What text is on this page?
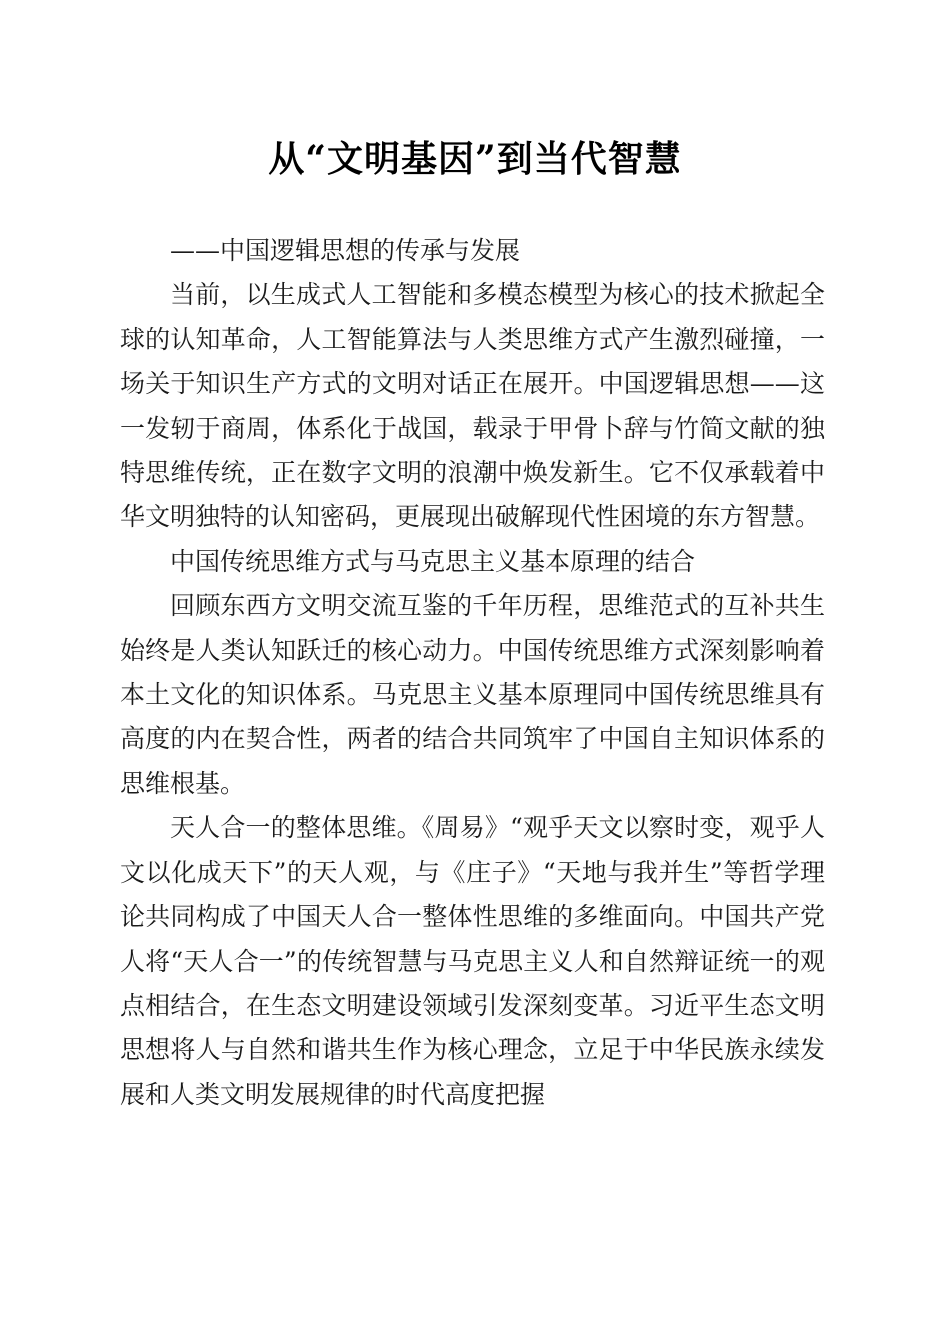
从“文明基因”到当代智慧

——中国逻辑思想的传承与发展

当前，以生成式人工智能和多模态模型为核心的技术掀起全球的认知革命，人工智能算法与人类思维方式产生激烈碰撞，一场关于知识生产方式的文明对话正在展开。中国逻辑思想——这一发轫于商周，体系化于战国，载录于甲骨卜辞与竹简文献的独特思维传统，正在数字文明的浪潮中焕发新生。它不仅承载着中华文明独特的认知密码，更展现出破解现代性困境的东方智慧。

中国传统思维方式与马克思主义基本原理的结合

回顾东西方文明交流互鉴的千年历程，思维范式的互补共生始终是人类认知跃迁的核心动力。中国传统思维方式深刻影响着本土文化的知识体系。马克思主义基本原理同中国传统思维具有高度的内在契合性，两者的结合共同筑牢了中国自主知识体系的思维根基。

天人合一的整体思维。《周易》“观乎天文以察时变，观乎人文以化成天下”的天人观，与《庄子》“天地与我并生”等哲学理论共同构成了中国天人合一整体性思维的多维面向。中国共产党人将“天人合一”的传统智慧与马克思主义人和自然辩证统一的观点相结合，在生态文明建设领域引发深刻变革。习近平生态文明思想将人与自然和谐共生作为核心理念，立足于中华民族永续发展和人类文明发展规律的时代高度把握
